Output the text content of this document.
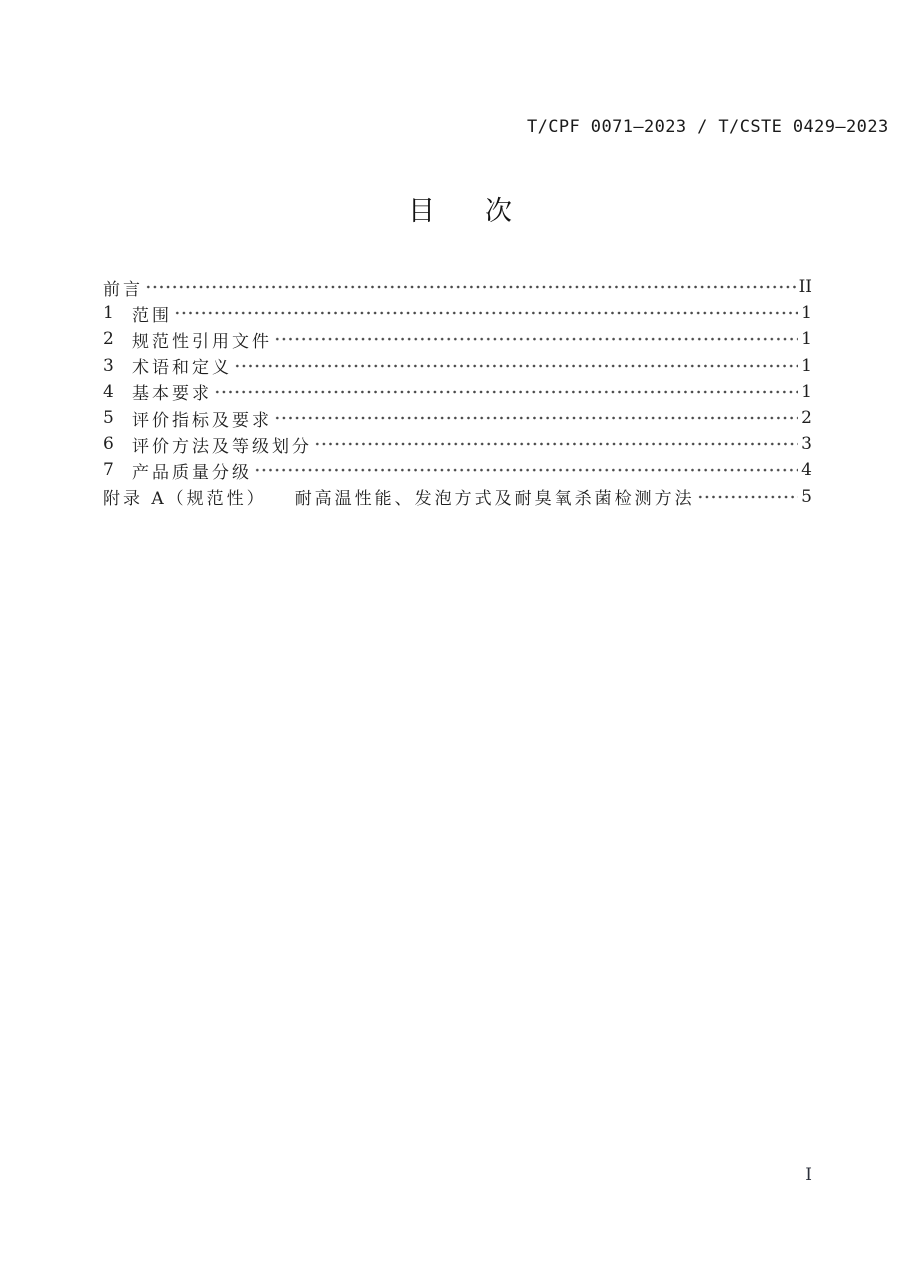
T/CPF 0071—2023 / T/CSTE 0429—2023
目 次
前言	II
1	范围	1
2	规范性引用文件	1
3	术语和定义	1
4	基本要求	1
5	评价指标及要求	2
6	评价方法及等级划分	3
7	产品质量分级	4
附录 A（规范性） 耐高温性能、发泡方式及耐臭氧杀菌检测方法	5
I
